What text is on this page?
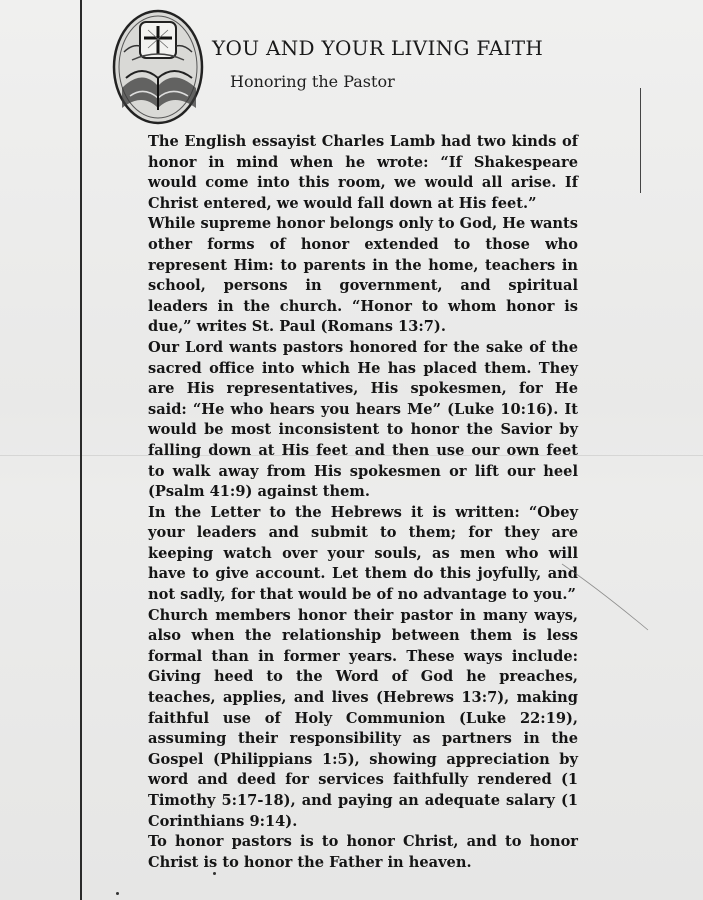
YOU AND YOUR LIVING FAITH
Honoring the Pastor

The English essayist Charles Lamb had two kinds of honor in mind when he wrote: “If Shakespeare would come into this room, we would all arise. If Christ entered, we would fall down at His feet.”

While supreme honor belongs only to God, He wants other forms of honor extended to those who represent Him: to parents in the home, teachers in school, persons in government, and spiritual leaders in the church. “Honor to whom honor is due,” writes St. Paul (Romans 13:7).

Our Lord wants pastors honored for the sake of the sacred office into which He has placed them. They are His representatives, His spokesmen, for He said: “He who hears you hears Me” (Luke 10:16). It would be most inconsistent to honor the Savior by falling down at His feet and then use our own feet to walk away from His spokesmen or lift our heel (Psalm 41:9) against them.

In the Letter to the Hebrews it is written: “Obey your leaders and submit to them; for they are keeping watch over your souls, as men who will have to give account. Let them do this joyfully, and not sadly, for that would be of no advantage to you.”

Church members honor their pastor in many ways, also when the relationship between them is less formal than in former years. These ways include: Giving heed to the Word of God he preaches, teaches, applies, and lives (Hebrews 13:7), making faithful use of Holy Communion (Luke 22:19), assuming their responsibility as partners in the Gospel (Philippians 1:5), showing appreciation by word and deed for services faithfully rendered (1 Timothy 5:17-18), and paying an adequate salary (1 Corinthians 9:14).

To honor pastors is to honor Christ, and to honor Christ is to honor the Father in heaven.
